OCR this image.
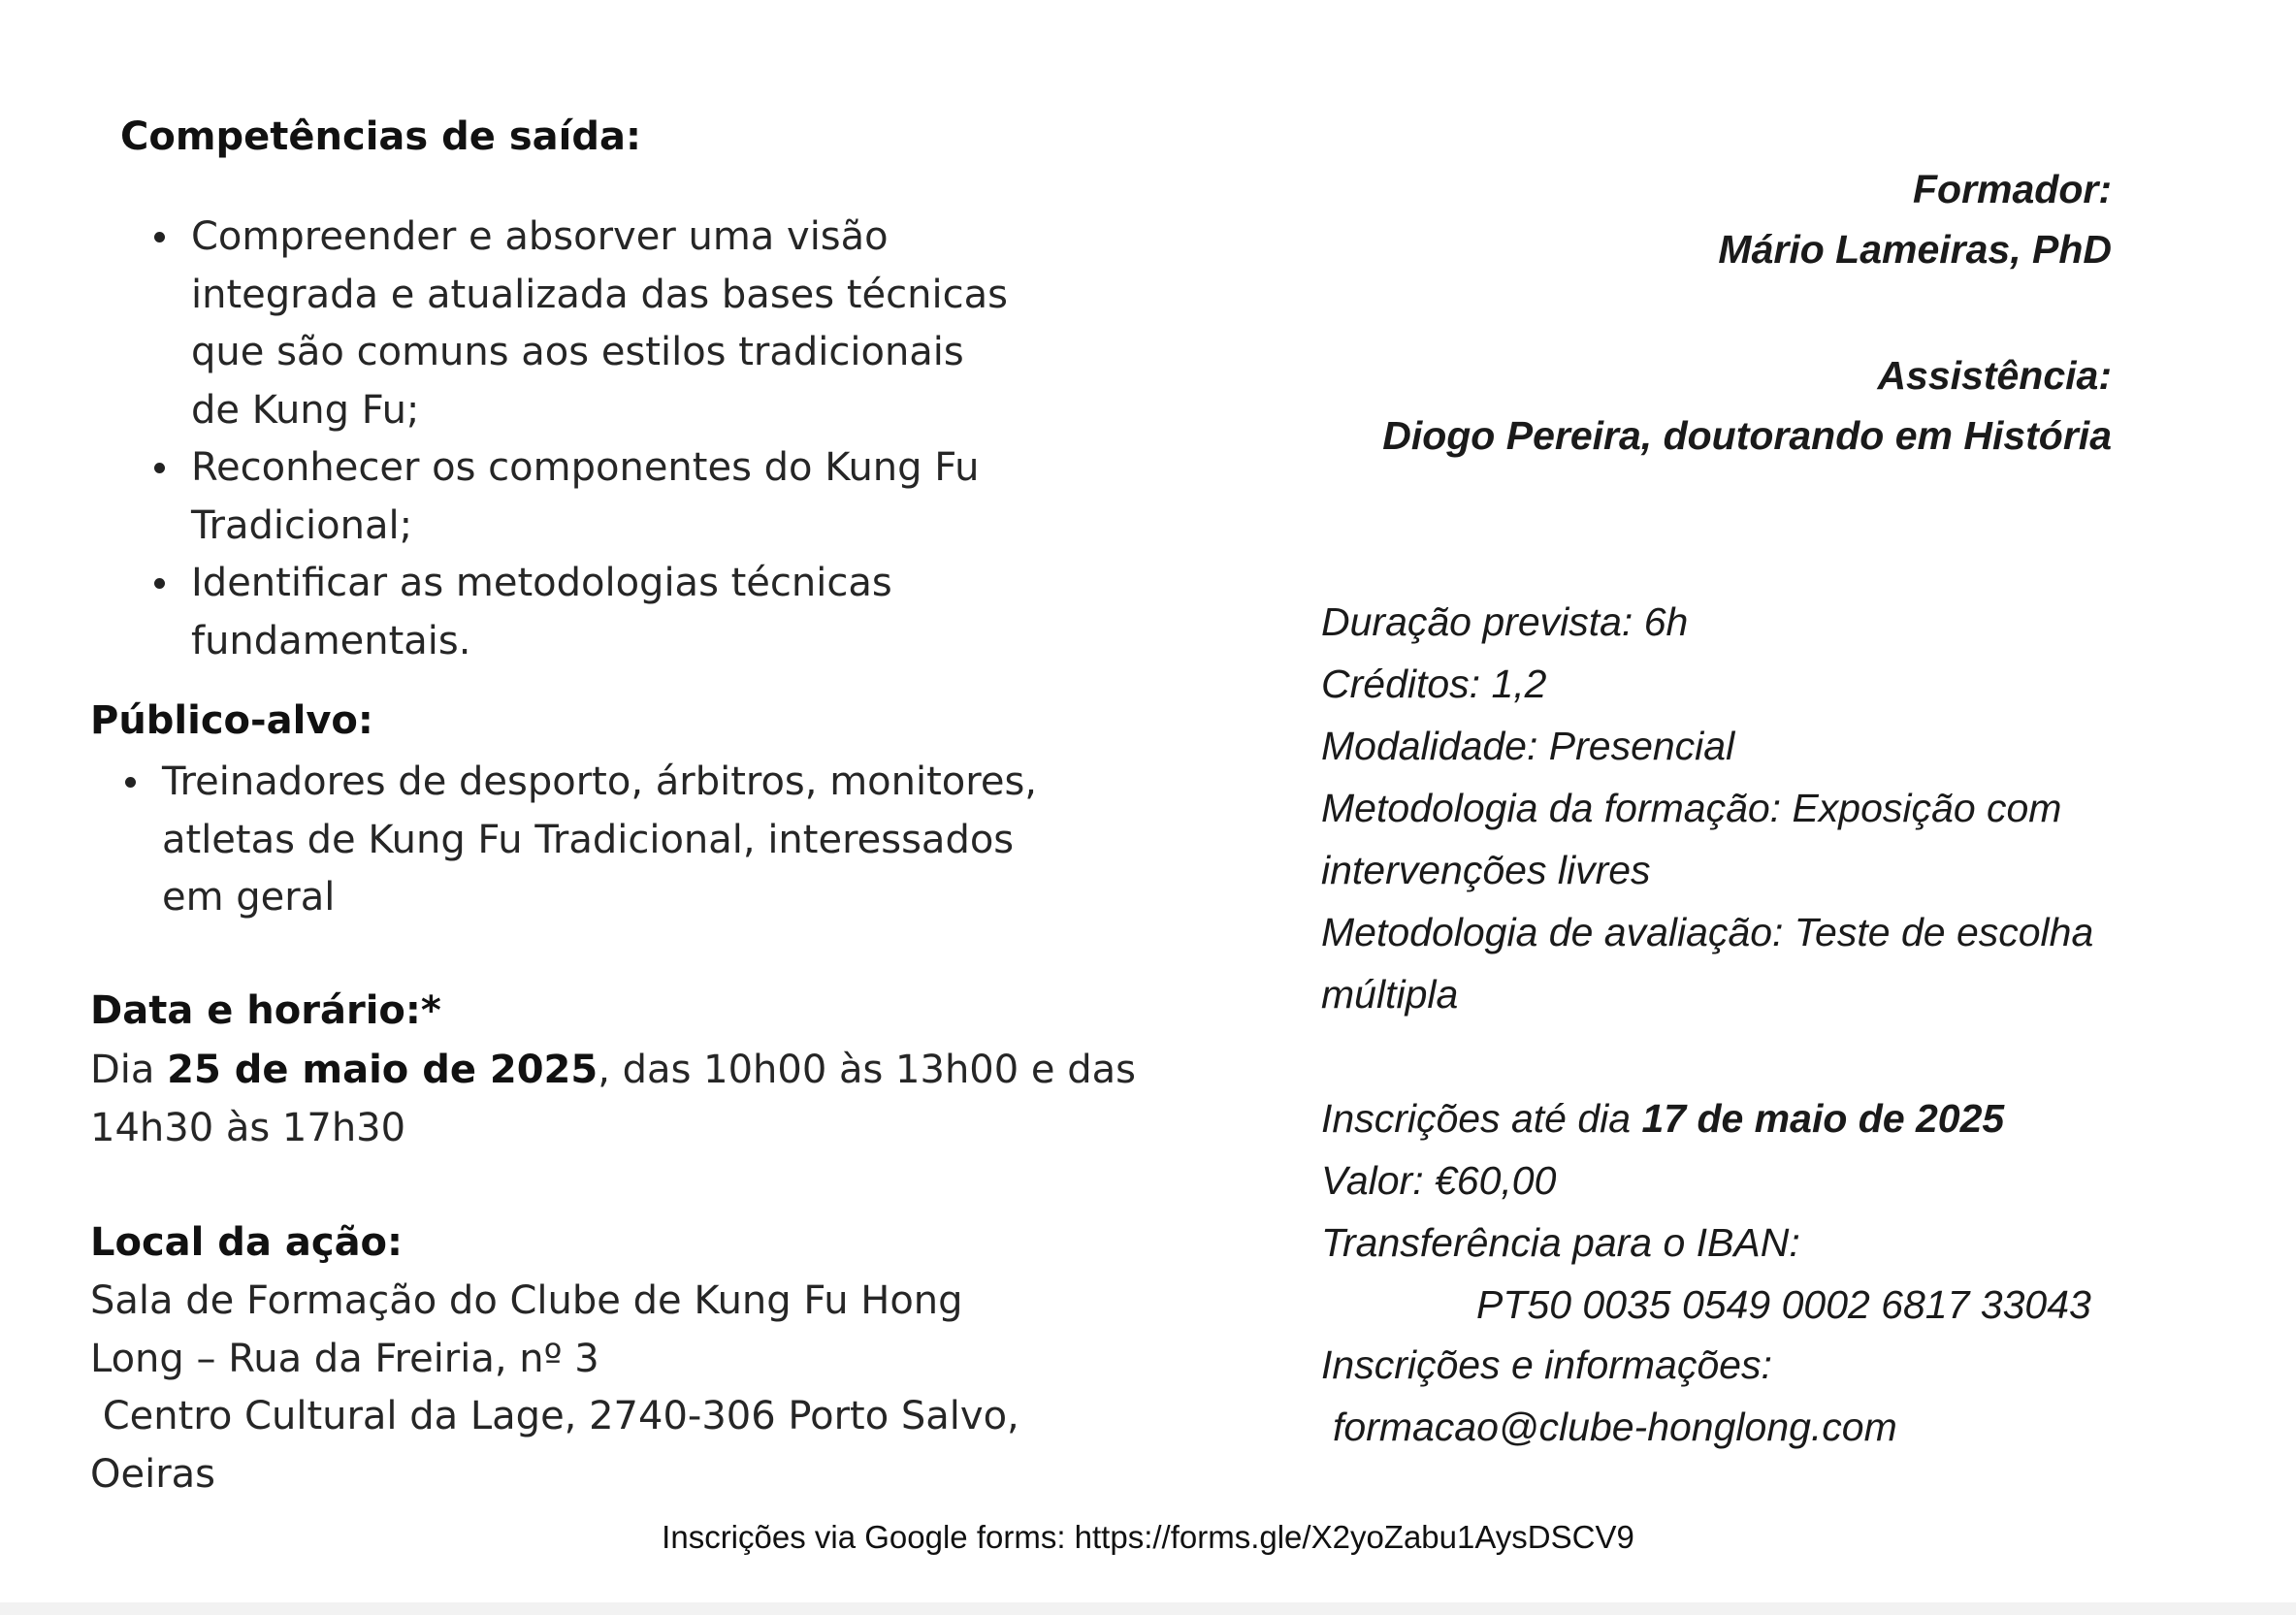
Competências de saída:
Compreender e absorver uma visão
integrada e atualizada das bases técnicas
que são comuns aos estilos tradicionais
de Kung Fu;
Reconhecer os componentes do Kung Fu
Tradicional;
Identificar as metodologias técnicas
fundamentais.
Público-alvo:
Treinadores de desporto, árbitros, monitores,
atletas de Kung Fu Tradicional, interessados
em geral
Data e horário:*

Dia 25 de maio de 2025, das 10h00 às 13h00 e das
14h30 às 17h30

Local da ação:

Sala de Formação do Clube de Kung Fu Hong
Long – Rua da Freiria, nº 3
Centro Cultural da Lage, 2740-306 Porto Salvo,
Oeiras

Formador:
Mário Lameiras, PhD
Assistência:
Diogo Pereira, doutorando em História
Duração prevista: 6h
Créditos: 1,2
Modalidade: Presencial
Metodologia da formação: Exposição com
intervenções livres
Metodologia de avaliação: Teste de escolha
múltipla
Inscrições até dia 17 de maio de 2025
Valor: €60,00
Transferência para o IBAN:
PT50 0035 0549 0002 6817 33043
Inscrições e informações:
formacao@clube-honglong.com
Inscrições via Google forms: https://forms.gle/X2yoZabu1AysDSCV9
